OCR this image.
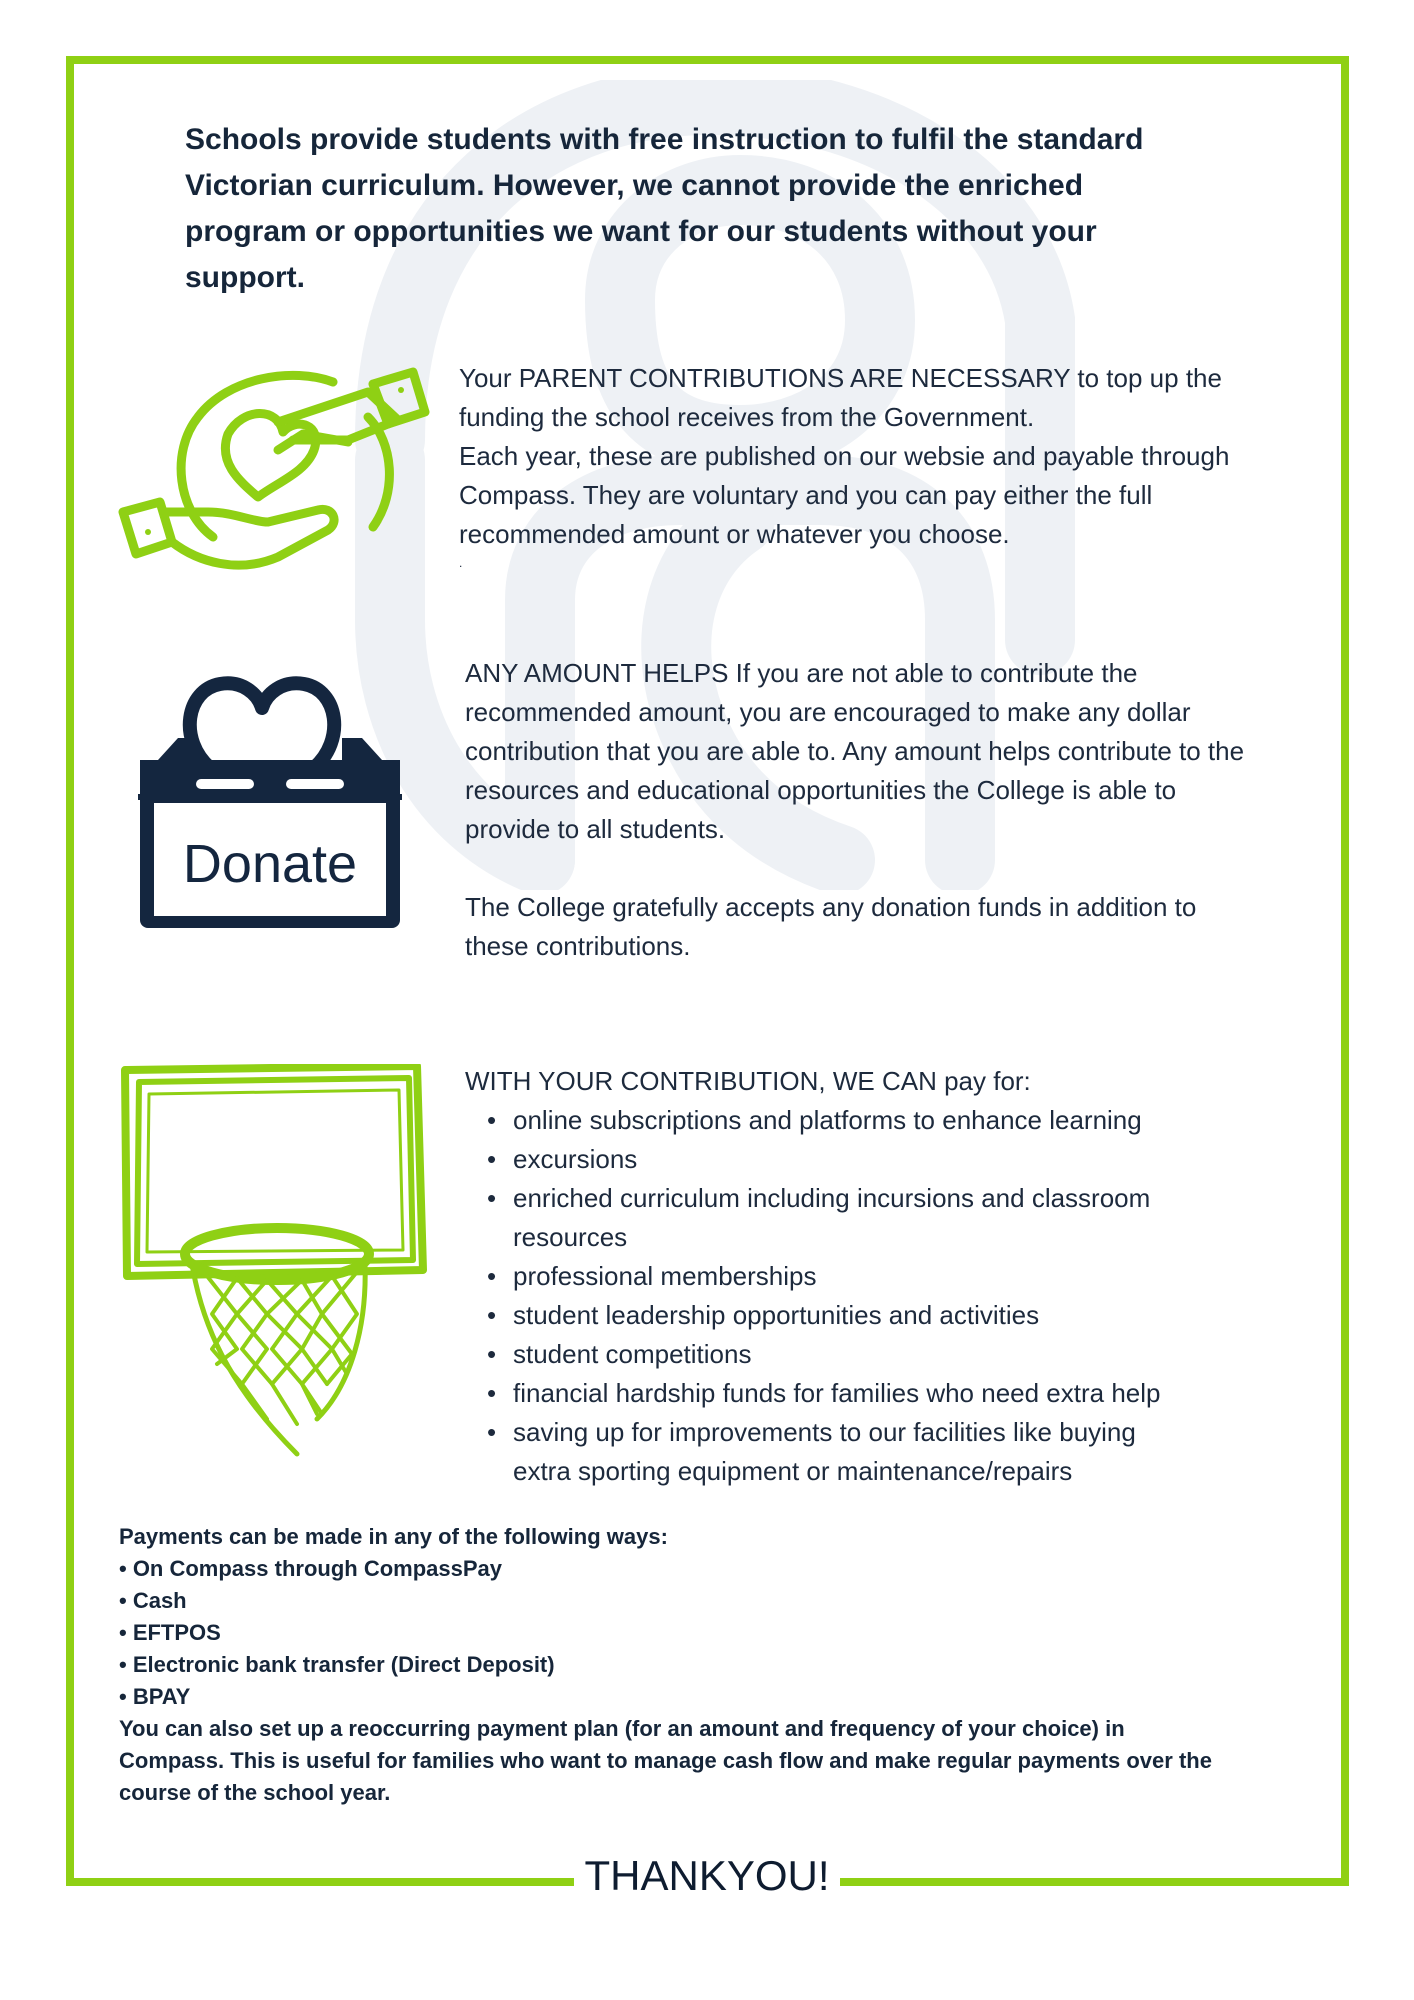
Schools provide students with free instruction to fulfil the standard
Victorian curriculum. However, we cannot provide the enriched
program or opportunities we want for our students without your
support.
Your PARENT CONTRIBUTIONS ARE NECESSARY to top up the
funding the school receives from the Government.
Each year, these are published on our websie and payable through
Compass. They are voluntary and you can pay either the full
recommended amount or whatever you choose.
.
Donate
ANY AMOUNT HELPS If you are not able to contribute the
recommended amount, you are encouraged to make any dollar
contribution that you are able to. Any amount helps contribute to the
resources and educational opportunities the College is able to
provide to all students.
The College gratefully accepts any donation funds in addition to
these contributions.
WITH YOUR CONTRIBUTION, WE CAN pay for:
• online subscriptions and platforms to enhance learning
• excursions
• enriched curriculum including incursions and classroom
resources
• professional memberships
• student leadership opportunities and activities
• student competitions
• financial hardship funds for families who need extra help
• saving up for improvements to our facilities like buying
extra sporting equipment or maintenance/repairs
Payments can be made in any of the following ways:
• On Compass through CompassPay
• Cash
• EFTPOS
• Electronic bank transfer (Direct Deposit)
• BPAY
You can also set up a reoccurring payment plan (for an amount and frequency of your choice) in
Compass. This is useful for families who want to manage cash flow and make regular payments over the
course of the school year.
THANKYOU!
